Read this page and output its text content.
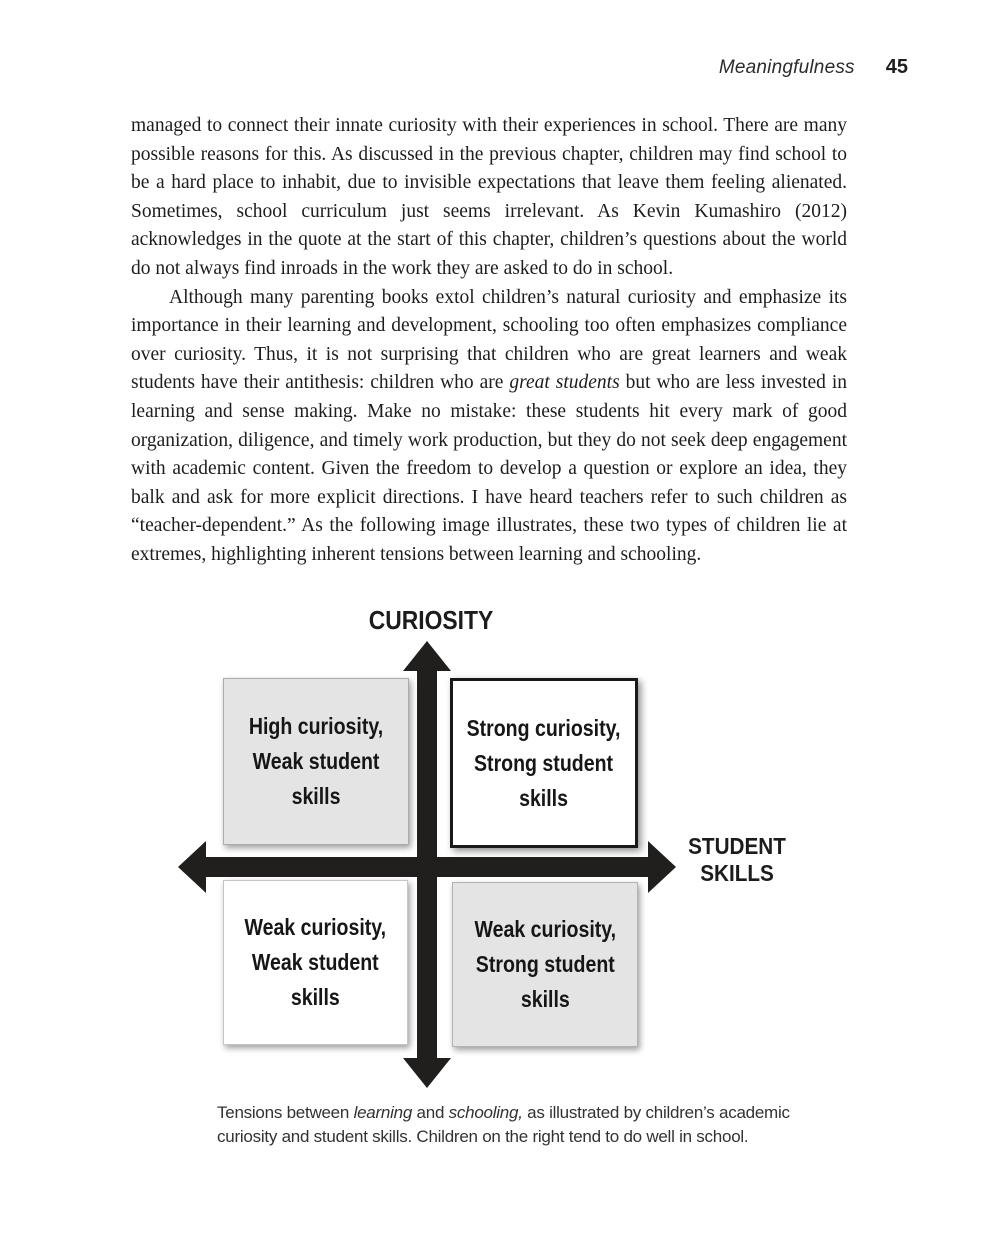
Meaningfulness 45

managed to connect their innate curiosity with their experiences in school. There are many possible reasons for this. As discussed in the previous chapter, children may find school to be a hard place to inhabit, due to invisible expectations that leave them feeling alienated. Sometimes, school curriculum just seems irrelevant. As Kevin Kumashiro (2012) acknowledges in the quote at the start of this chapter, children’s questions about the world do not always find inroads in the work they are asked to do in school.

Although many parenting books extol children’s natural curiosity and emphasize its importance in their learning and development, schooling too often emphasizes compliance over curiosity. Thus, it is not surprising that children who are great learners and weak students have their antithesis: children who are great students but who are less invested in learning and sense making. Make no mistake: these students hit every mark of good organization, diligence, and timely work production, but they do not seek deep engagement with academic content. Given the freedom to develop a question or explore an idea, they balk and ask for more explicit directions. I have heard teachers refer to such children as “teacher-dependent.” As the following image illustrates, these two types of children lie at extremes, highlighting inherent tensions between learning and schooling.

CURIOSITY
STUDENT
SKILLS
High curiosity,
Weak student
skills
Strong curiosity,
Strong student
skills
Weak curiosity,
Weak student
skills
Weak curiosity,
Strong student
skills
Tensions between learning and schooling, as illustrated by children’s academic curiosity and student skills. Children on the right tend to do well in school.
